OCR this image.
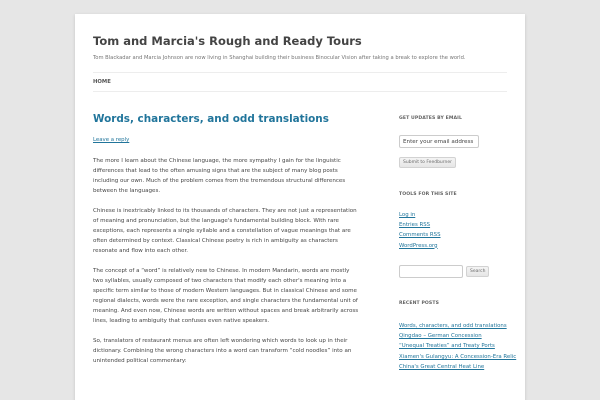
Tom and Marcia's Rough and Ready Tours
Tom Blackadar and Marcia Johnson are now living in Shanghai building their business Binocular Vision after taking a break to explore the world.
HOME
Words, characters, and odd translations
Leave a reply

The more I learn about the Chinese language, the more sympathy I gain for the linguistic differences that lead to the often amusing signs that are the subject of many blog posts including our own. Much of the problem comes from the tremendous structural differences between the languages.

Chinese is inextricably linked to its thousands of characters. They are not just a representation of meaning and pronunciation, but the language's fundamental building block. With rare exceptions, each represents a single syllable and a constellation of vague meanings that are often determined by context. Classical Chinese poetry is rich in ambiguity as characters resonate and flow into each other.

The concept of a “word” is relatively new to Chinese. In modern Mandarin, words are mostly two syllables, usually composed of two characters that modify each other's meaning into a specific term similar to those of modern Western languages. But in classical Chinese and some regional dialects, words were the rare exception, and single characters the fundamental unit of meaning. And even now, Chinese words are written without spaces and break arbitrarily across lines, leading to ambiguity that confuses even native speakers.

So, translators of restaurant menus are often left wondering which words to look up in their dictionary. Combining the wrong characters into a word can transform “cold noodles” into an unintended political commentary:

GET UPDATES BY EMAIL
Enter your email address Submit to Feedburner
TOOLS FOR THIS SITE
Log in
Entries RSS
Comments RSS
WordPress.org
Search
RECENT POSTS
Words, characters, and odd translations
Qingdao – German Concession
“Unequal Treaties” and Treaty Ports
Xiamen's Gulangyu: A Concession-Era Relic
China's Great Central Heat Line
